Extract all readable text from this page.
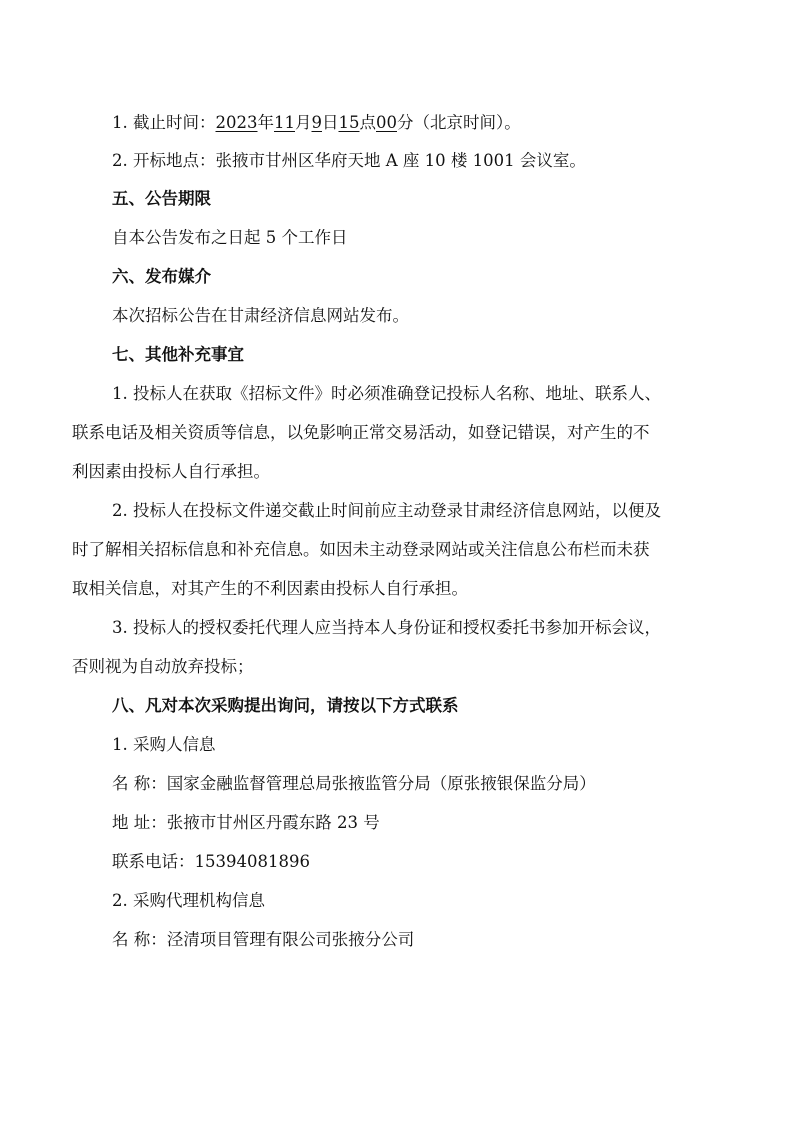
1. 截止时间：2023年11月9日15点00分（北京时间）。
2. 开标地点：张掖市甘州区华府天地 A 座 10 楼 1001 会议室。
五、公告期限
自本公告发布之日起 5 个工作日
六、发布媒介
本次招标公告在甘肃经济信息网站发布。
七、其他补充事宜
1. 投标人在获取《招标文件》时必须准确登记投标人名称、地址、联系人、
联系电话及相关资质等信息，以免影响正常交易活动，如登记错误，对产生的不
利因素由投标人自行承担。
2. 投标人在投标文件递交截止时间前应主动登录甘肃经济信息网站，以便及
时了解相关招标信息和补充信息。如因未主动登录网站或关注信息公布栏而未获
取相关信息，对其产生的不利因素由投标人自行承担。
3. 投标人的授权委托代理人应当持本人身份证和授权委托书参加开标会议，
否则视为自动放弃投标；
八、凡对本次采购提出询问，请按以下方式联系
1. 采购人信息
名 称：国家金融监督管理总局张掖监管分局（原张掖银保监分局）
地 址：张掖市甘州区丹霞东路 23 号
联系电话：15394081896
2. 采购代理机构信息
名 称：泾清项目管理有限公司张掖分公司
